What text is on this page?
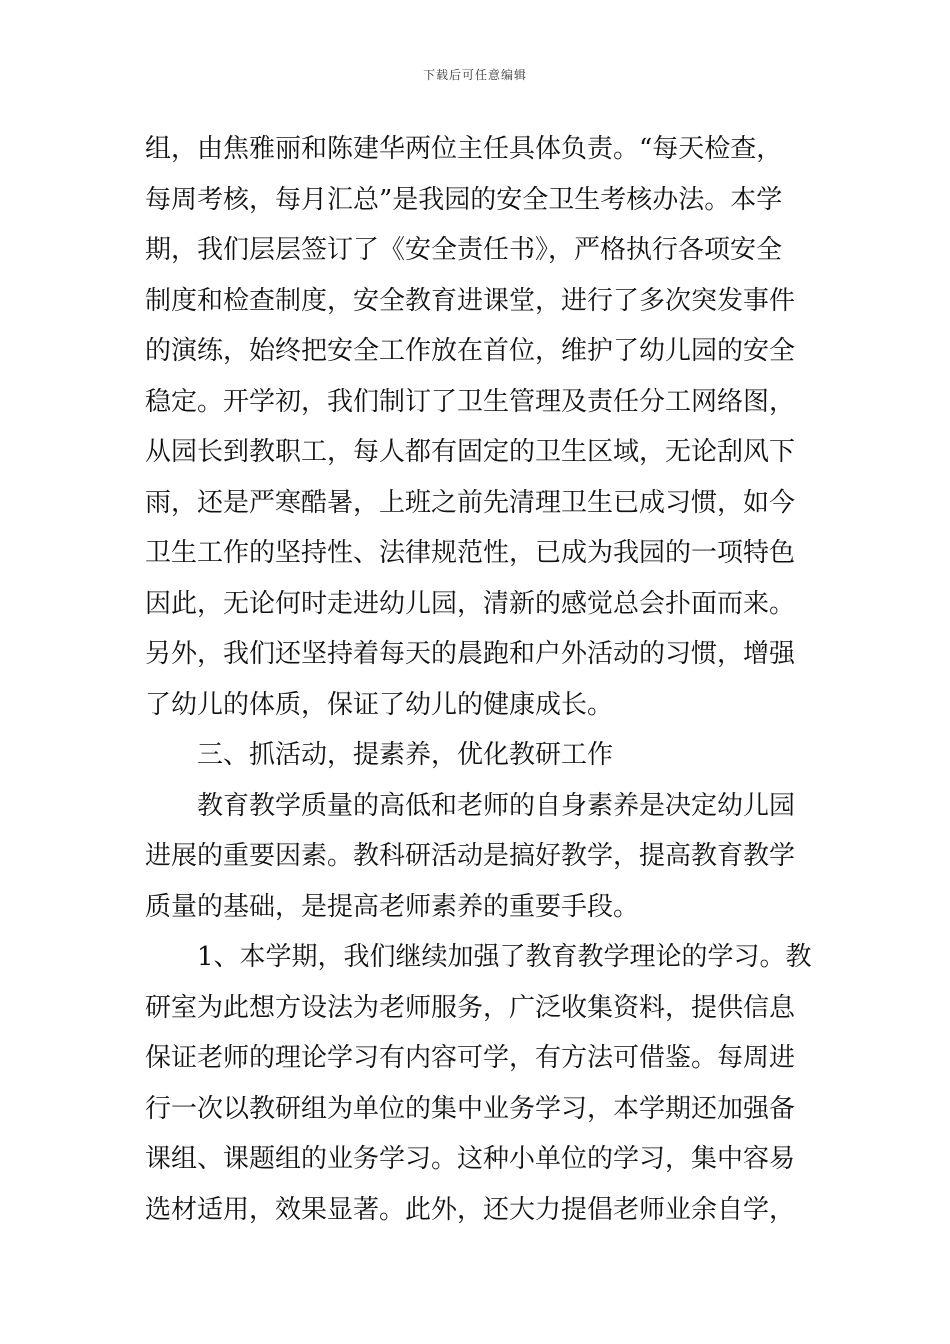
下载后可任意编辑
组，由焦雅丽和陈建华两位主任具体负责。“每天检查，
每周考核，每月汇总”是我园的安全卫生考核办法。本学
期，我们层层签订了《安全责任书》，严格执行各项安全
制度和检查制度，安全教育进课堂，进行了多次突发事件
的演练，始终把安全工作放在首位，维护了幼儿园的安全
稳定。开学初，我们制订了卫生管理及责任分工网络图，
从园长到教职工，每人都有固定的卫生区域，无论刮风下
雨，还是严寒酷暑，上班之前先清理卫生已成习惯，如今
卫生工作的坚持性、法律规范性，已成为我园的一项特色
因此，无论何时走进幼儿园，清新的感觉总会扑面而来。
另外，我们还坚持着每天的晨跑和户外活动的习惯，增强
了幼儿的体质，保证了幼儿的健康成长。
　　三、抓活动，提素养，优化教研工作
　　教育教学质量的高低和老师的自身素养是决定幼儿园
进展的重要因素。教科研活动是搞好教学，提高教育教学
质量的基础，是提高老师素养的重要手段。
　　1、本学期，我们继续加强了教育教学理论的学习。教
研室为此想方设法为老师服务，广泛收集资料，提供信息
保证老师的理论学习有内容可学，有方法可借鉴。每周进
行一次以教研组为单位的集中业务学习，本学期还加强备
课组、课题组的业务学习。这种小单位的学习，集中容易
选材适用，效果显著。此外，还大力提倡老师业余自学，
